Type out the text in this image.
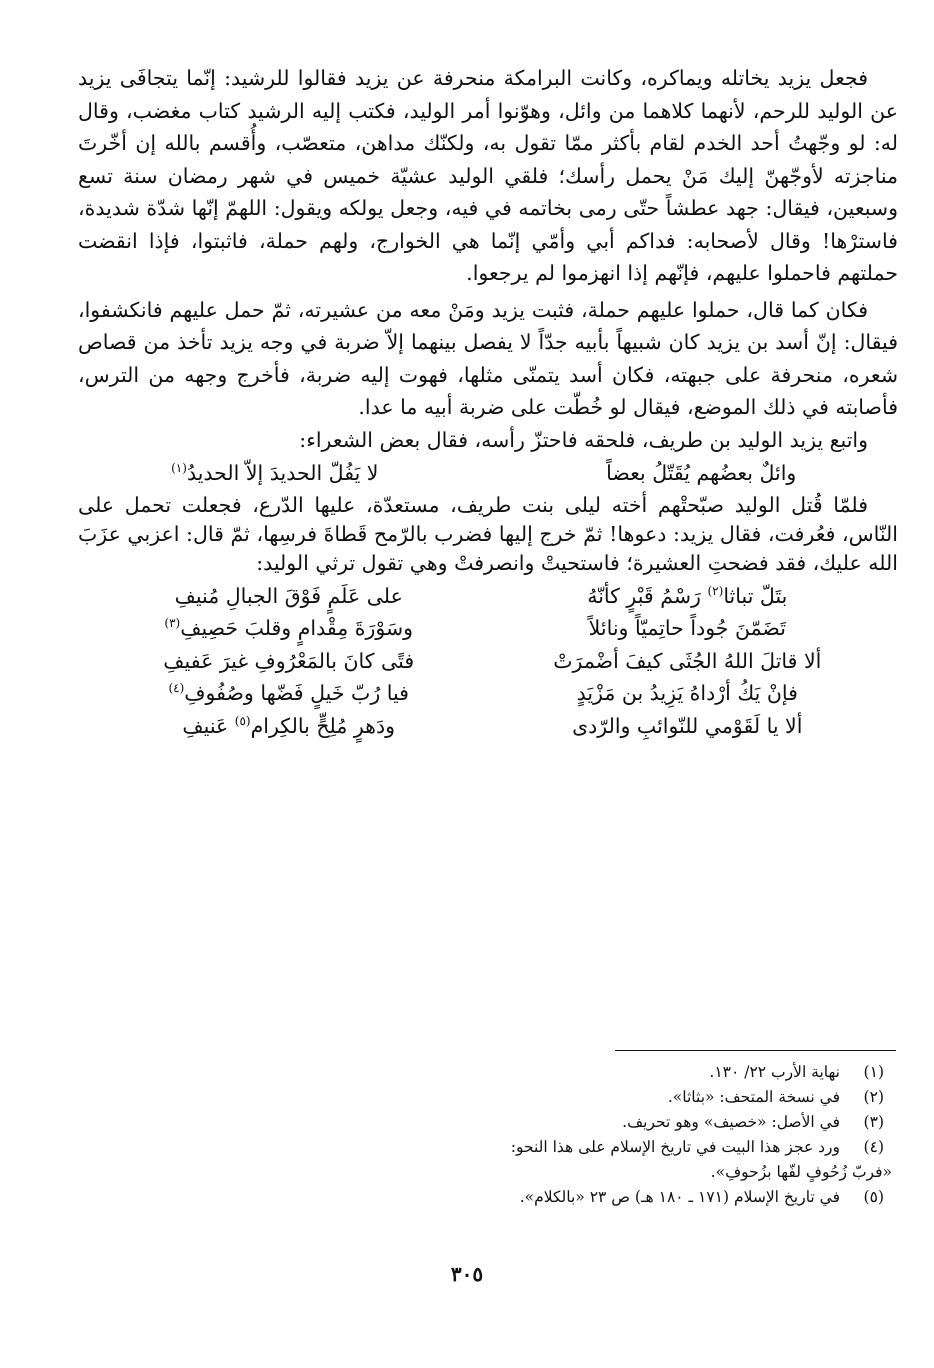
فجعل يزيد يخاتله ويماكره، وكانت البرامكة منحرفة عن يزيد فقالوا للرشيد: إنّما يتجافَى يزيد عن الوليد للرحم، لأنهما كلاهما من وائل، وهوّنوا أمر الوليد، فكتب إليه الرشيد كتاب مغضب، وقال له: لو وجّهتُ أحد الخدم لقام بأكثر ممّا تقول به، ولكنّك مداهن، متعصّب، وأُقسم بالله إن أخّرتَ مناجزته لأوجّهنّ إليك مَنْ يحمل رأسك؛ فلقي الوليد عشيّة خميس في شهر رمضان سنة تسع وسبعين، فيقال: جهد عطشاً حتّى رمى بخاتمه في فيه، وجعل يولكه ويقول: اللهمّ إنّها شدّة شديدة، فاسترْها! وقال لأصحابه: فداكم أبي وأمّي إنّما هي الخوارج، ولهم حملة، فاثبتوا، فإذا انقضت حملتهم فاحملوا عليهم، فإنّهم إذا انهزموا لم يرجعوا.

فكان كما قال، حملوا عليهم حملة، فثبت يزيد ومَنْ معه من عشيرته، ثمّ حمل عليهم فانكشفوا، فيقال: إنّ أسد بن يزيد كان شبيهاً بأبيه جدّاً لا يفصل بينهما إلاّ ضربة في وجه يزيد تأخذ من قصاص شعره، منحرفة على جبهته، فكان أسد يتمنّى مثلها، فهوت إليه ضربة، فأخرج وجهه من الترس، فأصابته في ذلك الموضع، فيقال لو خُطّت على ضربة أبيه ما عدا.

واتبع يزيد الوليد بن طريف، فلحقه فاحتزّ رأسه، فقال بعض الشعراء:

وائلٌ بعضُهم يُقَتّلُ بعضاً
لا يَفُلّ الحديدَ إلاّ الحديدُ$^{(١)}$

فلمّا قُتل الوليد صبّحتْهم أخته ليلى بنت طريف، مستعدّة، عليها الدّرع، فجعلت تحمل على النّاس، فعُرفت، فقال يزيد: دعوها! ثمّ خرج إليها فضرب بالرّمح قَطاةَ فرسِها، ثمّ قال: اعزبي عزَبَ الله عليك، فقد فضحتِ العشيرة؛ فاستحيتْ وانصرفتْ وهي تقول ترثي الوليد:

بتَلّ تباثا$^{(٢)}$ رَسْمُ قَبْرٍ كأنّهُ
على عَلَمٍ فَوْقَ الجبالِ مُنيفِ
تَضَمّنَ جُوداً حاتِميّاً ونائلاً
وسَوْرَةَ مِقْدامٍ وقلبَ حَصِيفِ$^{(٣)}$
ألا قاتلَ اللهُ الجُثَى كيفَ أضْمرَتْ
فتًى كانَ بالمَعْرُوفِ غيرَ عَفيفِ
فإنْ يَكُ أرْداهُ يَزِيدُ بن مَزْيَدٍ
فيا رُبّ خَيلٍ فَضّها وصُفُوفِ$^{(٤)}$
ألا يا لَقَوْمي للنّوائبِ والرّدى
ودَهرٍ مُلِحٍّ بالكِرام$^{(٥)}$ عَنيفِ
(١)
نهاية الأرب ٢٢/ ١٣٠.
(٢)
في نسخة المتحف: «بثاثا».
(٣)
في الأصل: «خصيف» وهو تحريف.
(٤)
ورد عجز هذا البيت في تاريخ الإسلام على هذا النحو:
«فربّ زُحُوفٍ لفّها بزُحوفِ».
(٥)
في تاريخ الإسلام (١٧١ ـ ١٨٠ هـ) ص ٢٣ «بالكلام».
٣٠٥
